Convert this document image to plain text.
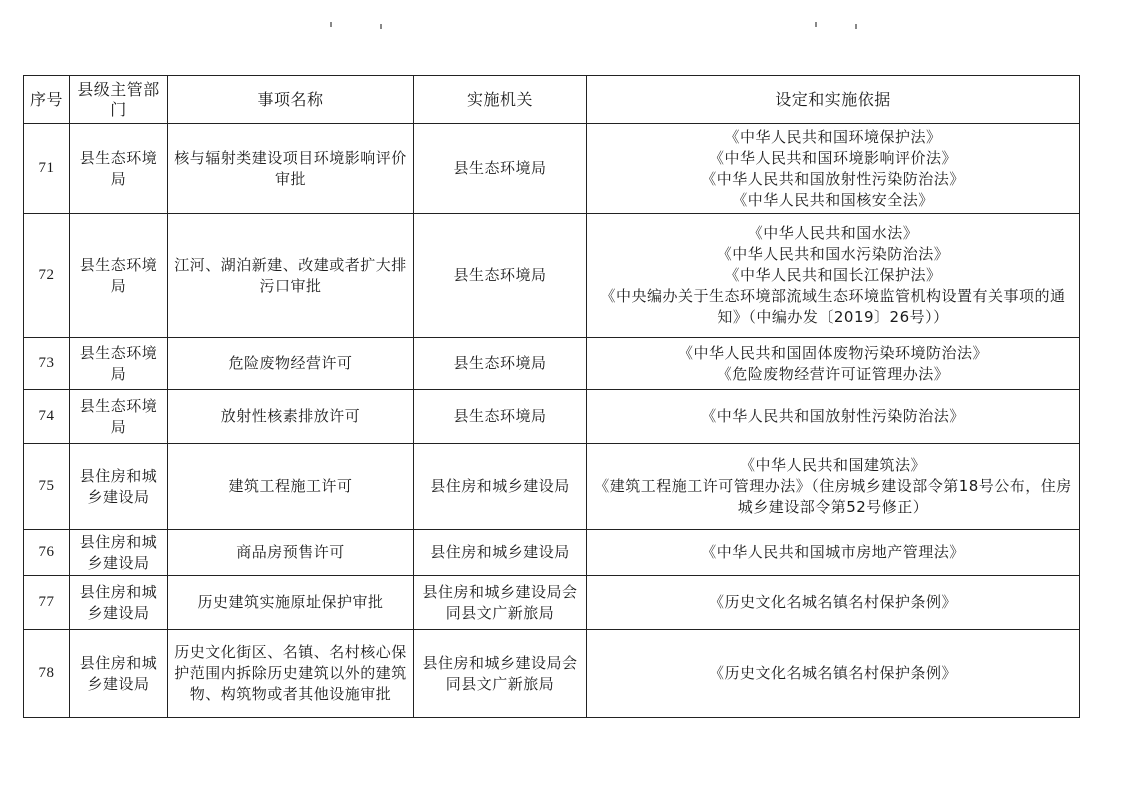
序号	县级主管部门	事项名称	实施机关	设定和实施依据
71	县生态环境局	核与辐射类建设项目环境影响评价审批	县生态环境局	《中华人民共和国环境保护法》
《中华人民共和国环境影响评价法》
《中华人民共和国放射性污染防治法》
《中华人民共和国核安全法》

72	县生态环境局	江河、湖泊新建、改建或者扩大排污口审批	县生态环境局	《中华人民共和国水法》
《中华人民共和国水污染防治法》
《中华人民共和国长江保护法》
《中央编办关于生态环境部流域生态环境监管机构设置有关事项的通知》（中编办发〔2019〕26号））

73	县生态环境局	危险废物经营许可	县生态环境局	《中华人民共和国固体废物污染环境防治法》
《危险废物经营许可证管理办法》

74	县生态环境局	放射性核素排放许可	县生态环境局	《中华人民共和国放射性污染防治法》

75	县住房和城乡建设局	建筑工程施工许可	县住房和城乡建设局	《中华人民共和国建筑法》
《建筑工程施工许可管理办法》（住房城乡建设部令第18号公布，住房城乡建设部令第52号修正）

76	县住房和城乡建设局	商品房预售许可	县住房和城乡建设局	《中华人民共和国城市房地产管理法》

77	县住房和城乡建设局	历史建筑实施原址保护审批	县住房和城乡建设局会同县文广新旅局	《历史文化名城名镇名村保护条例》

78	县住房和城乡建设局	历史文化街区、名镇、名村核心保护范围内拆除历史建筑以外的建筑物、构筑物或者其他设施审批	县住房和城乡建设局会同县文广新旅局	《历史文化名城名镇名村保护条例》
